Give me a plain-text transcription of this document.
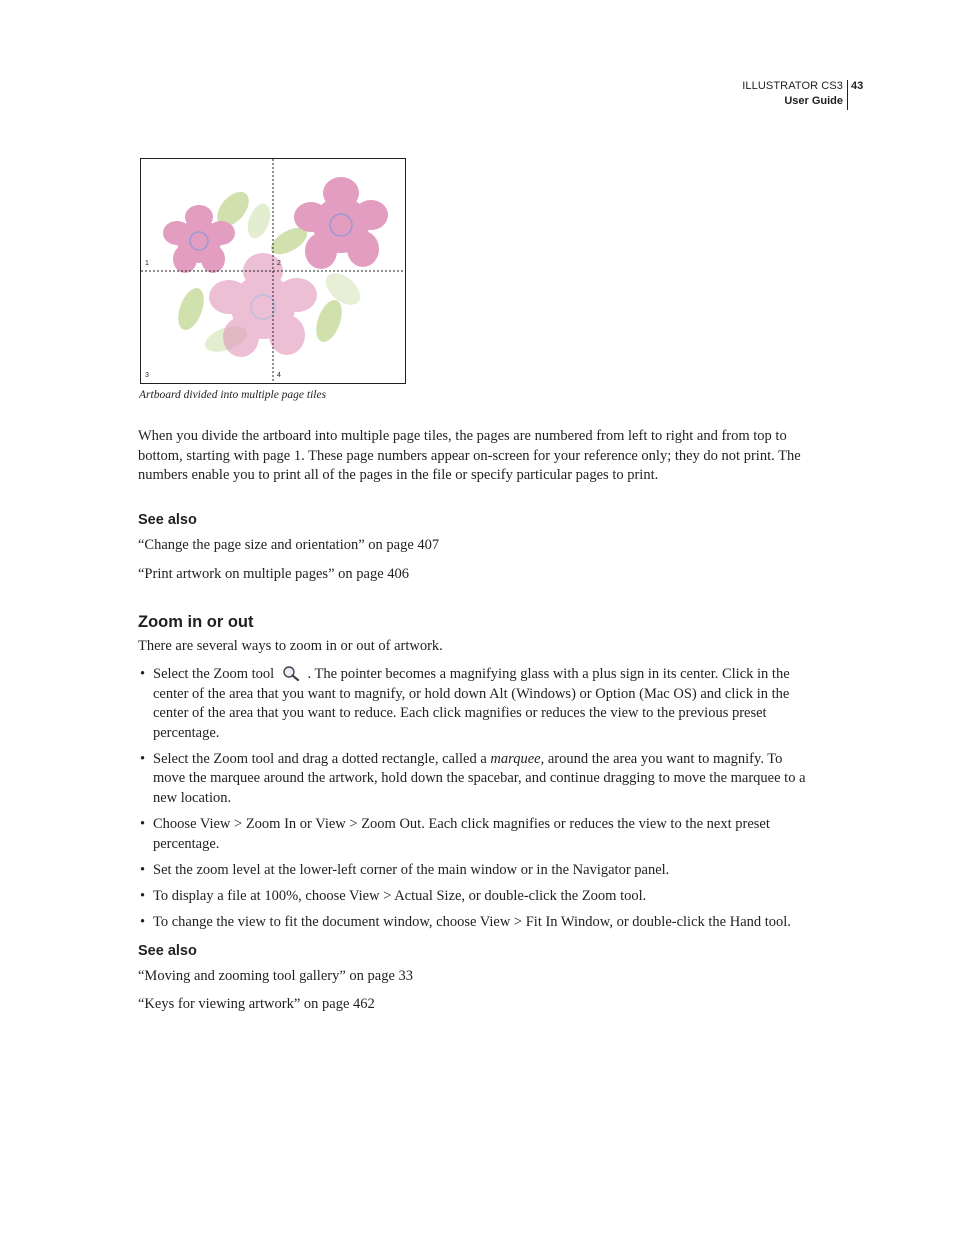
ILLUSTRATOR CS3
User Guide
43
1	2
3	4
Artboard divided into multiple page tiles
When you divide the artboard into multiple page tiles, the pages are numbered from left to right and from top to bottom, starting with page 1. These page numbers appear on-screen for your reference only; they do not print. The numbers enable you to print all of the pages in the file or specify particular pages to print.
See also
“Change the page size and orientation” on page 407
“Print artwork on multiple pages” on page 406
Zoom in or out
There are several ways to zoom in or out of artwork.
• Select the Zoom tool . The pointer becomes a magnifying glass with a plus sign in its center. Click in the center of the area that you want to magnify, or hold down Alt (Windows) or Option (Mac OS) and click in the center of the area that you want to reduce. Each click magnifies or reduces the view to the previous preset percentage.
• Select the Zoom tool and drag a dotted rectangle, called a marquee, around the area you want to magnify. To move the marquee around the artwork, hold down the spacebar, and continue dragging to move the marquee to a new location.
• Choose View > Zoom In or View > Zoom Out. Each click magnifies or reduces the view to the next preset percentage.
• Set the zoom level at the lower-left corner of the main window or in the Navigator panel.
• To display a file at 100%, choose View > Actual Size, or double-click the Zoom tool.
• To change the view to fit the document window, choose View > Fit In Window, or double-click the Hand tool.
See also
“Moving and zooming tool gallery” on page 33
“Keys for viewing artwork” on page 462
